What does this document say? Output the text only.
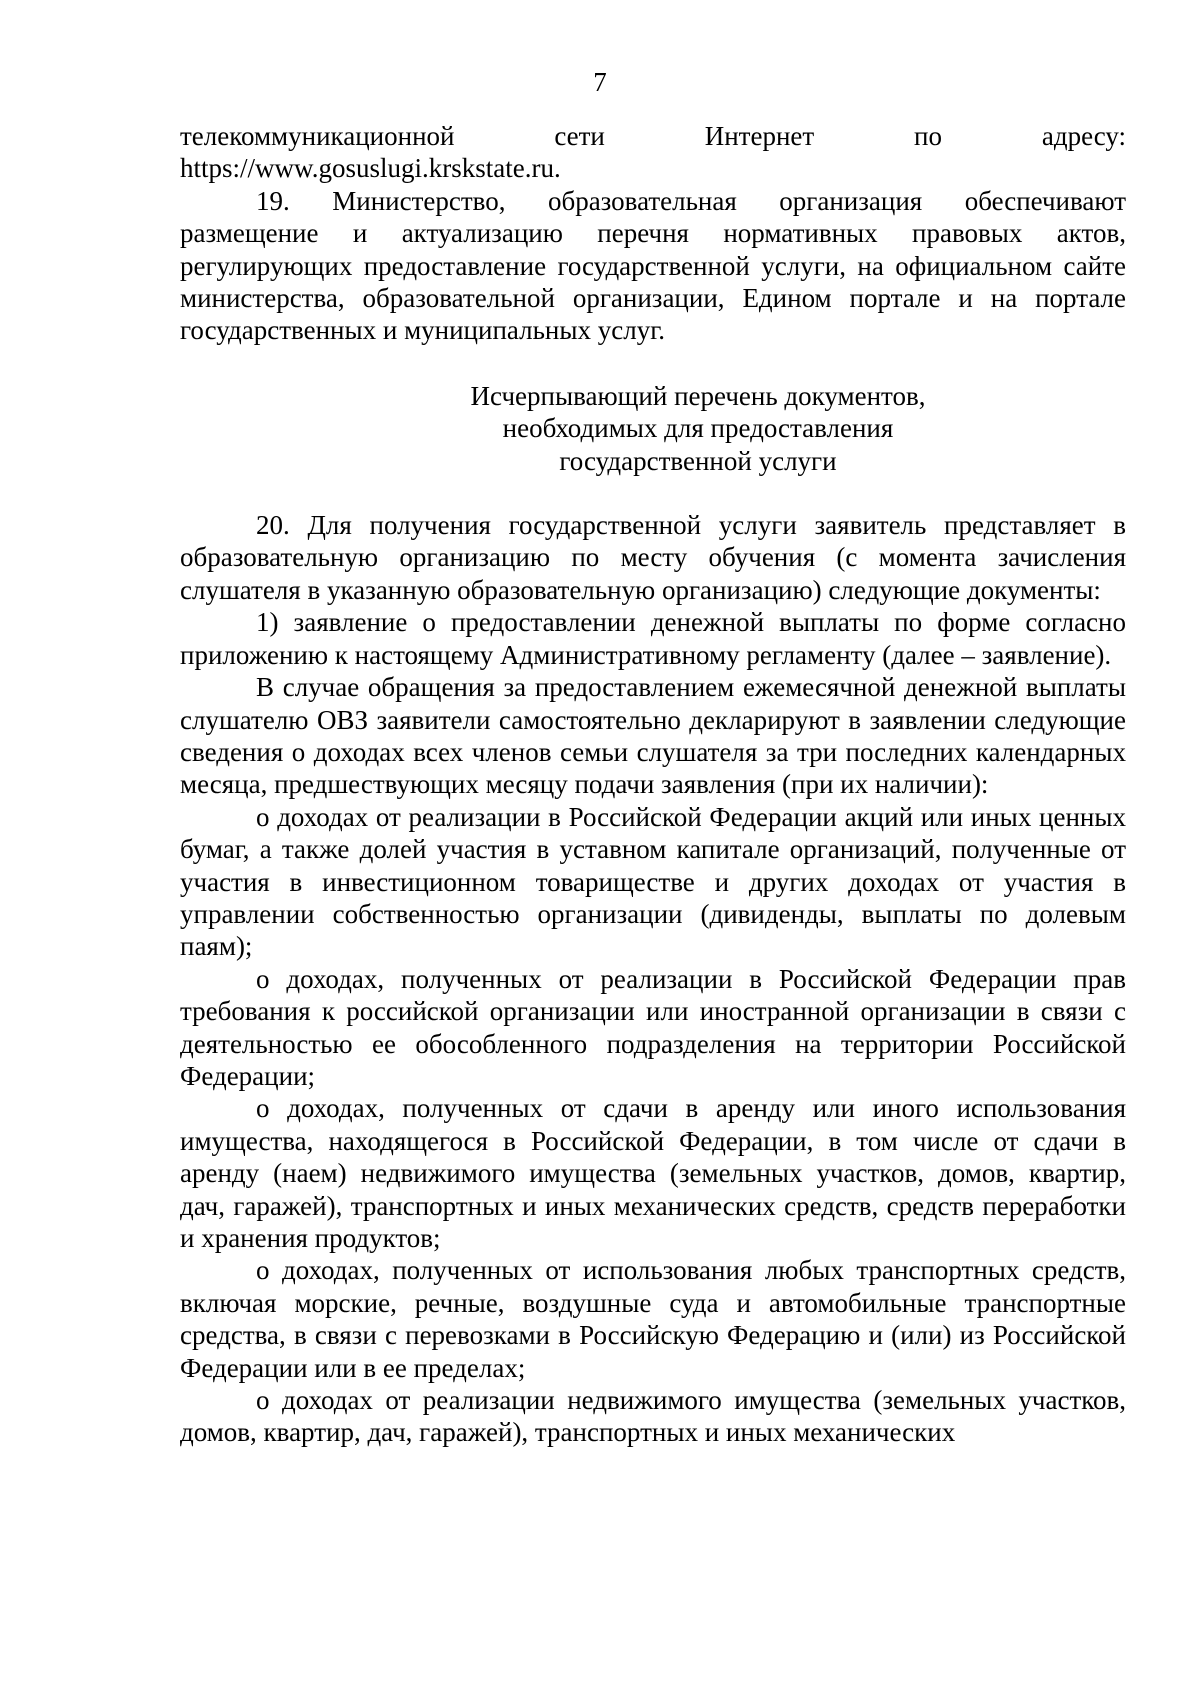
7

телекоммуникационной сети Интернет по адресу:

https://www.gosuslugi.krskstate.ru.

19. Министерство, образовательная организация обеспечивают размещение и актуализацию перечня нормативных правовых актов, регулирующих предоставление государственной услуги, на официальном сайте министерства, образовательной организации, Едином портале и на портале государственных и муниципальных услуг.

Исчерпывающий перечень документов,
необходимых для предоставления
государственной услуги

20. Для получения государственной услуги заявитель представляет в образовательную организацию по месту обучения (с момента зачисления слушателя в указанную образовательную организацию) следующие документы:

1) заявление о предоставлении денежной выплаты по форме согласно приложению к настоящему Административному регламенту (далее – заявление).

В случае обращения за предоставлением ежемесячной денежной выплаты слушателю ОВЗ заявители самостоятельно декларируют в заявлении следующие сведения о доходах всех членов семьи слушателя за три последних календарных месяца, предшествующих месяцу подачи заявления (при их наличии):

о доходах от реализации в Российской Федерации акций или иных ценных бумаг, а также долей участия в уставном капитале организаций, полученные от участия в инвестиционном товариществе и других доходах от участия в управлении собственностью организации (дивиденды, выплаты по долевым паям);

о доходах, полученных от реализации в Российской Федерации прав требования к российской организации или иностранной организации в связи с деятельностью ее обособленного подразделения на территории Российской Федерации;

о доходах, полученных от сдачи в аренду или иного использования имущества, находящегося в Российской Федерации, в том числе от сдачи в аренду (наем) недвижимого имущества (земельных участков, домов, квартир, дач, гаражей), транспортных и иных механических средств, средств переработки и хранения продуктов;

о доходах, полученных от использования любых транспортных средств, включая морские, речные, воздушные суда и автомобильные транспортные средства, в связи с перевозками в Российскую Федерацию и (или) из Российской Федерации или в ее пределах;

о доходах от реализации недвижимого имущества (земельных участков, домов, квартир, дач, гаражей), транспортных и иных механических
